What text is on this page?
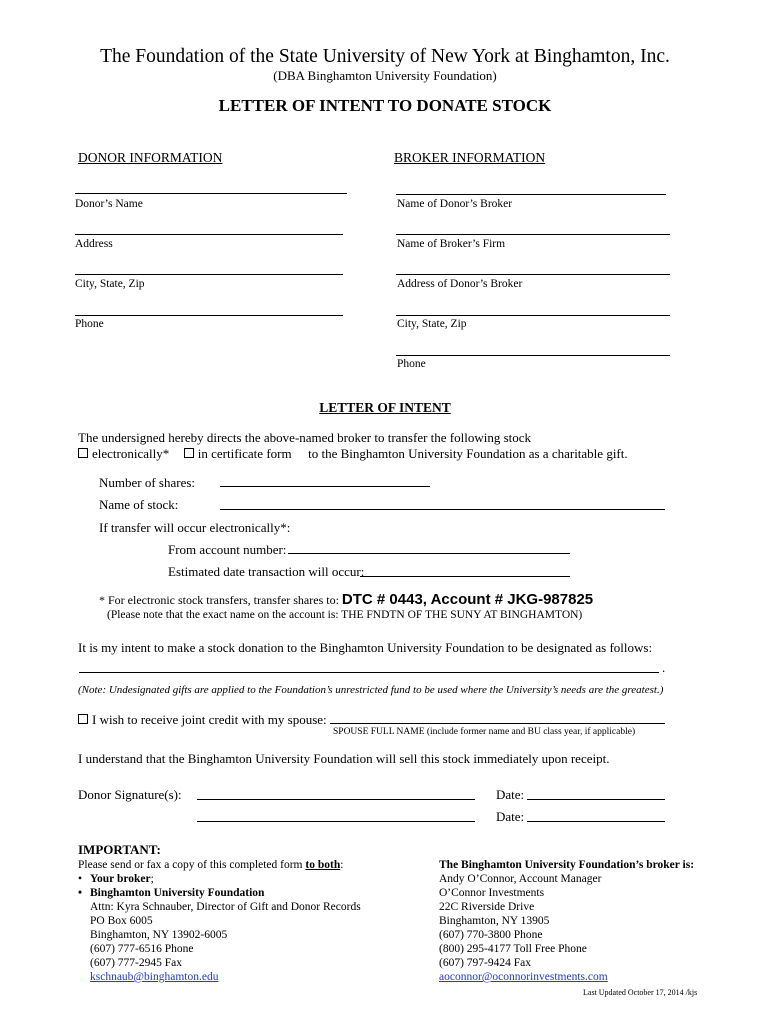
The Foundation of the State University of New York at Binghamton, Inc.
(DBA Binghamton University Foundation)
LETTER OF INTENT TO DONATE STOCK
DONOR INFORMATION
Donor’s Name
Address
City, State, Zip
Phone
BROKER INFORMATION
Name of Donor’s Broker
Name of Broker’s Firm
Address of Donor’s Broker
City, State, Zip
Phone
LETTER OF INTENT
The undersigned hereby directs the above-named broker to transfer the following stock
electronically* in certificate form to the Binghamton University Foundation as a charitable gift.
Number of shares:
Name of stock:
If transfer will occur electronically*:
From account number:
Estimated date transaction will occur:
* For electronic stock transfers, transfer shares to: DTC # 0443, Account # JKG-987825
(Please note that the exact name on the account is: THE FNDTN OF THE SUNY AT BINGHAMTON)
It is my intent to make a stock donation to the Binghamton University Foundation to be designated as follows:
.
(Note: Undesignated gifts are applied to the Foundation’s unrestricted fund to be used where the University’s needs are the greatest.)
I wish to receive joint credit with my spouse:
SPOUSE FULL NAME (include former name and BU class year, if applicable)
I understand that the Binghamton University Foundation will sell this stock immediately upon receipt.
Donor Signature(s):	Date:
Date:
IMPORTANT:
Please send or fax a copy of this completed form to both:
• Your broker;
• Binghamton University Foundation
Attn: Kyra Schnauber, Director of Gift and Donor Records
PO Box 6005
Binghamton, NY 13902-6005
(607) 777-6516 Phone
(607) 777-2945 Fax
kschnaub@binghamton.edu
The Binghamton University Foundation’s broker is:
Andy O’Connor, Account Manager
O’Connor Investments
22C Riverside Drive
Binghamton, NY 13905
(607) 770-3800 Phone
(800) 295-4177 Toll Free Phone
(607) 797-9424 Fax
aoconnor@oconnorinvestments.com
Last Updated October 17, 2014 /kjs
